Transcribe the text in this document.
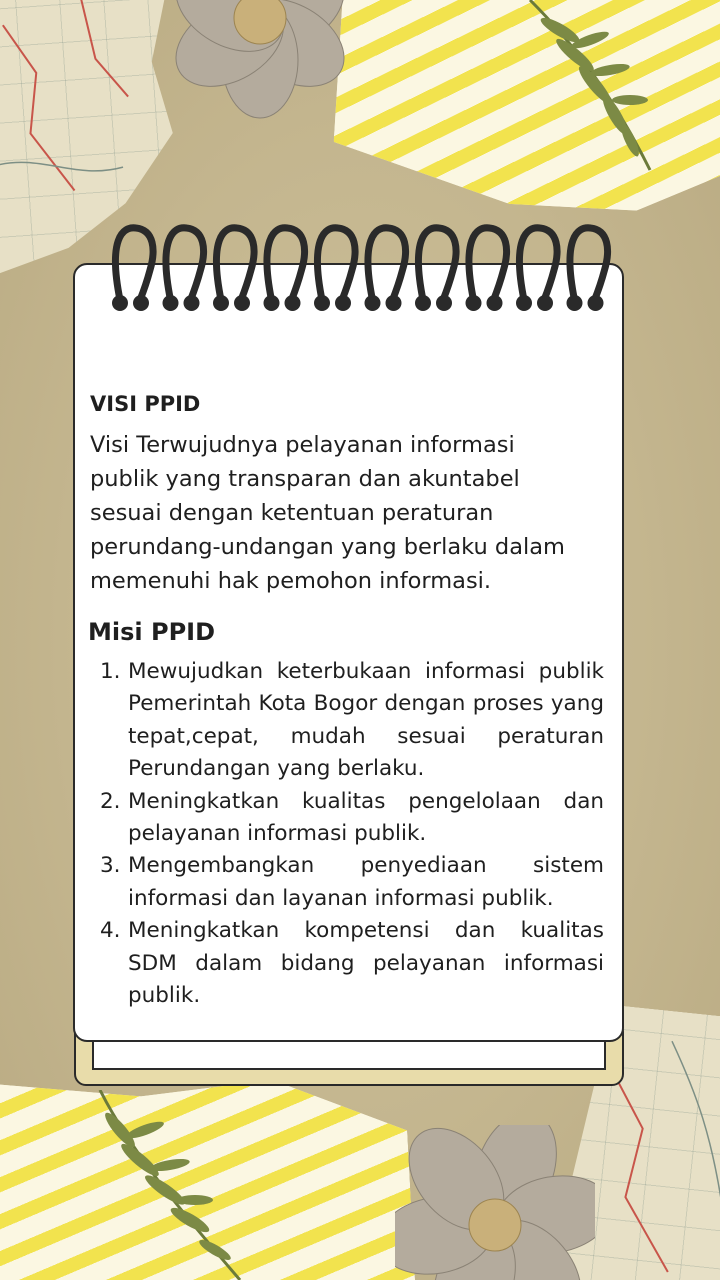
VISI PPID
Visi Terwujudnya pelayanan informasi publik yang transparan dan akuntabel sesuai dengan ketentuan peraturan perundang-undangan yang berlaku dalam memenuhi hak pemohon informasi.
Misi PPID
1. Mewujudkan keterbukaan informasi publik Pemerintah Kota Bogor dengan proses yang tepat,cepat, mudah sesuai peraturan Perundangan yang berlaku.
2. Meningkatkan kualitas pengelolaan dan pelayanan informasi publik.
3. Mengembangkan penyediaan sistem informasi dan layanan informasi publik.
4. Meningkatkan kompetensi dan kualitas SDM dalam bidang pelayanan informasi publik.
